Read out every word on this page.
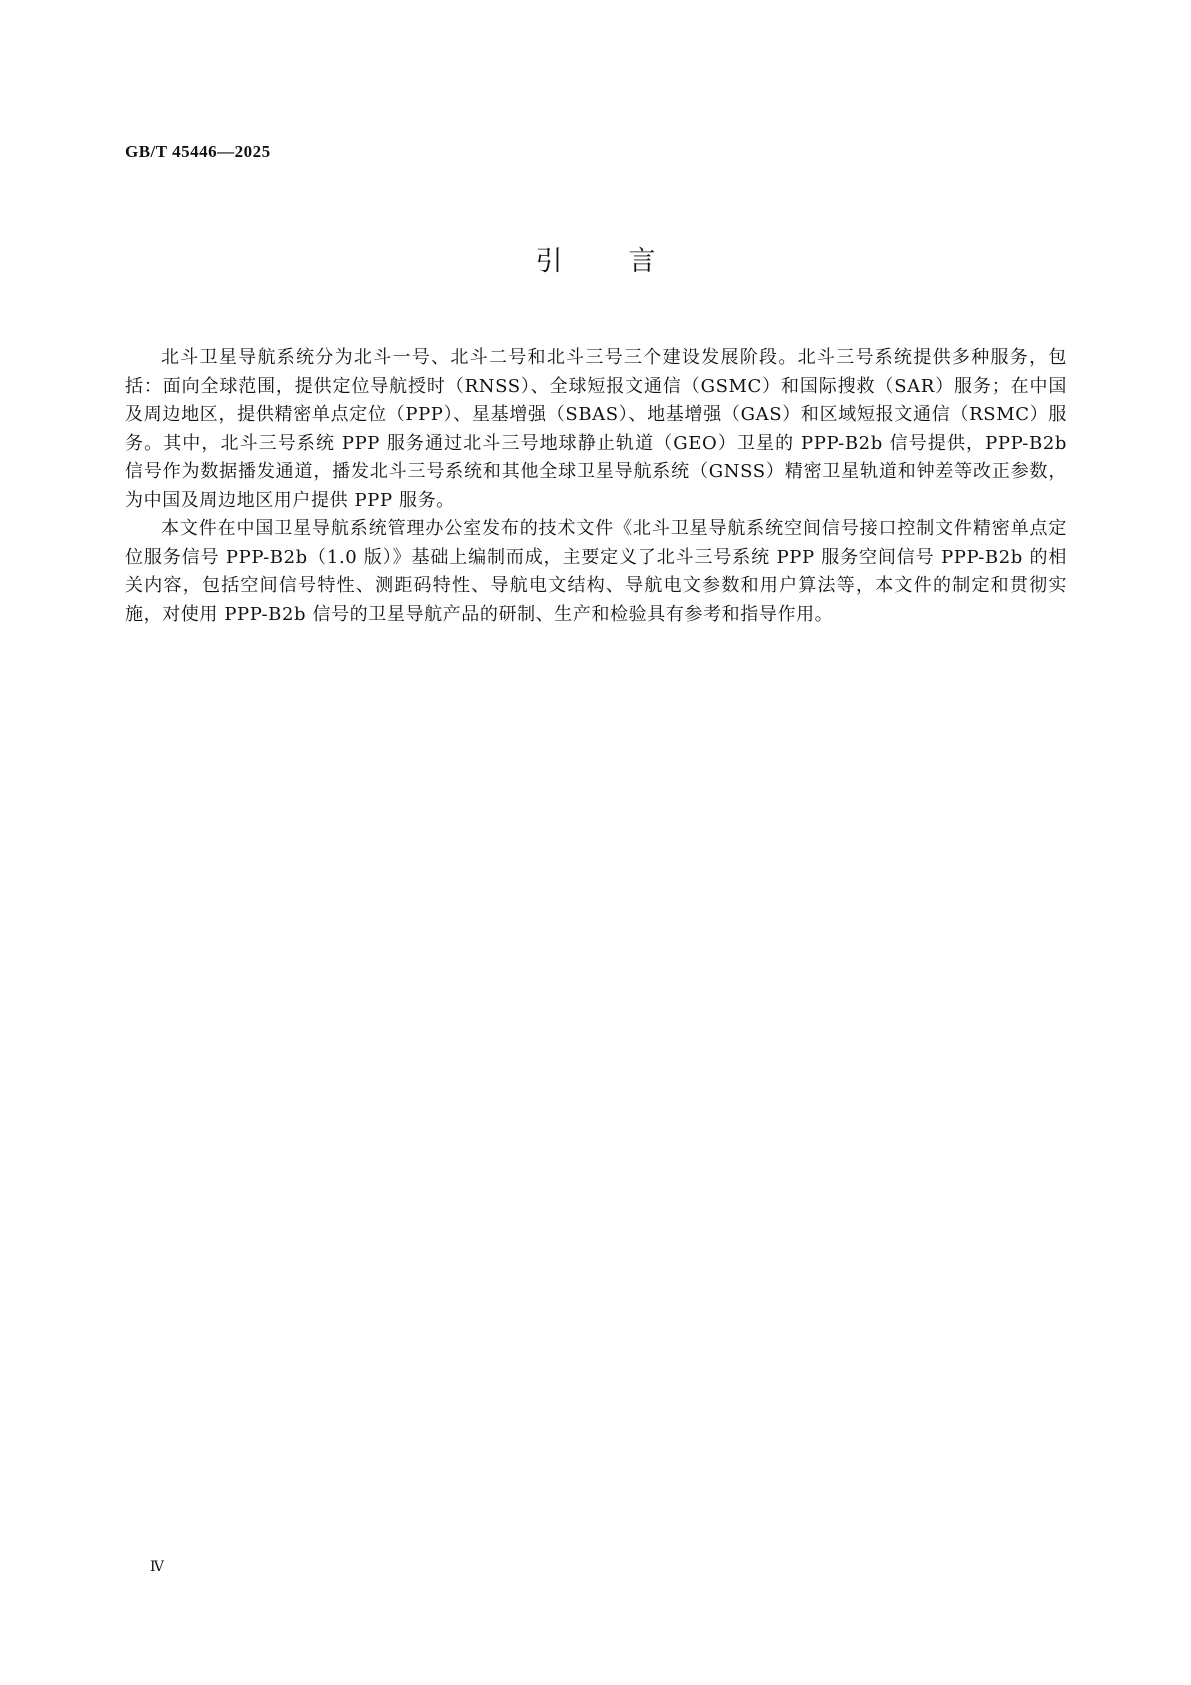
GB/T 45446—2025
引言

北斗卫星导航系统分为北斗一号、北斗二号和北斗三号三个建设发展阶段。北斗三号系统提供多种服务，包括：面向全球范围，提供定位导航授时（RNSS）、全球短报文通信（GSMC）和国际搜救（SAR）服务；在中国及周边地区，提供精密单点定位（PPP）、星基增强（SBAS）、地基增强（GAS）和区域短报文通信（RSMC）服务。其中，北斗三号系统 PPP 服务通过北斗三号地球静止轨道（GEO）卫星的 PPP-B2b 信号提供，PPP-B2b 信号作为数据播发通道，播发北斗三号系统和其他全球卫星导航系统（GNSS）精密卫星轨道和钟差等改正参数，为中国及周边地区用户提供 PPP 服务。

本文件在中国卫星导航系统管理办公室发布的技术文件《北斗卫星导航系统空间信号接口控制文件精密单点定位服务信号 PPP-B2b（1.0 版）》基础上编制而成，主要定义了北斗三号系统 PPP 服务空间信号 PPP-B2b 的相关内容，包括空间信号特性、测距码特性、导航电文结构、导航电文参数和用户算法等，本文件的制定和贯彻实施，对使用 PPP-B2b 信号的卫星导航产品的研制、生产和检验具有参考和指导作用。

Ⅳ
